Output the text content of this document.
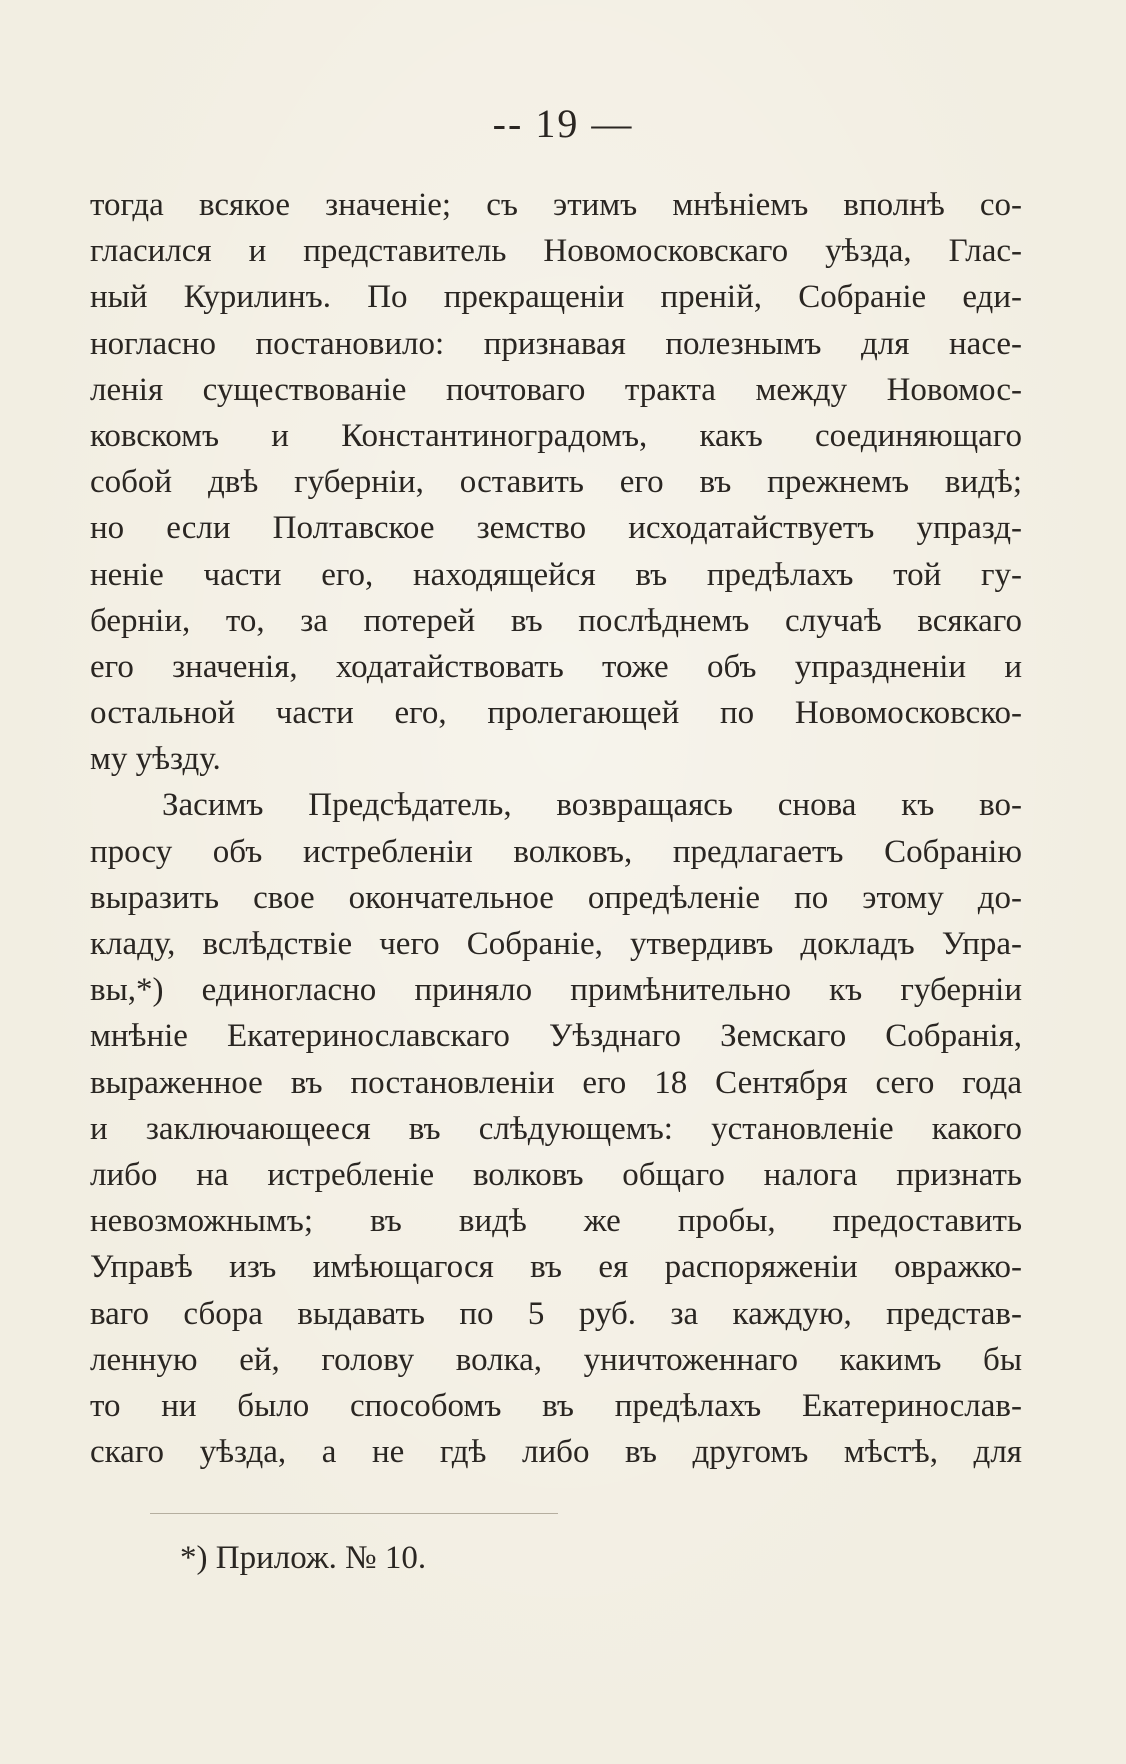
-- 19 —
тогда всякое значенiе; съ этимъ мнѣнiемъ вполнѣ со-
гласился и представитель Новомосковскаго уѣзда, Глас-
ный Курилинъ. По прекращенiи пренiй, Собранiе еди-
ногласно постановило: признавая полезнымъ для насе-
ленiя существованiе почтоваго тракта между Новомос-
ковскомъ и Константиноградомъ, какъ соединяющаго
собой двѣ губернiи, оставить его въ прежнемъ видѣ;
но если Полтавское земство исходатайствуетъ упразд-
ненiе части его, находящейся въ предѣлахъ той гу-
бернiи, то, за потерей въ послѣднемъ случаѣ всякаго
его значенiя, ходатайствовать тоже объ упраздненiи и
остальной части его, пролегающей по Новомосковско-
му уѣзду.
Засимъ Предсѣдатель, возвращаясь снова къ во-
просу объ истребленiи волковъ, предлагаетъ Собранiю
выразить свое окончательное опредѣленiе по этому до-
кладу, вслѣдствiе чего Собранiе, утвердивъ докладъ Упра-
вы,*) единогласно приняло примѣнительно къ губернiи
мнѣнiе Екатеринославскаго Уѣзднаго Земскаго Собранiя,
выраженное въ постановленiи его 18 Сентября сего года
и заключающееся въ слѣдующемъ: установленiе какого
либо на истребленiе волковъ общаго налога признать
невозможнымъ; въ видѣ же пробы, предоставить
Управѣ изъ имѣющагося въ ея распоряженiи овражко-
ваго сбора выдавать по 5 руб. за каждую, представ-
ленную ей, голову волка, уничтоженнаго какимъ бы
то ни было способомъ въ предѣлахъ Екатеринослав-
скаго уѣзда, а не гдѣ либо въ другомъ мѣстѣ, для
*) Прилож. № 10.
